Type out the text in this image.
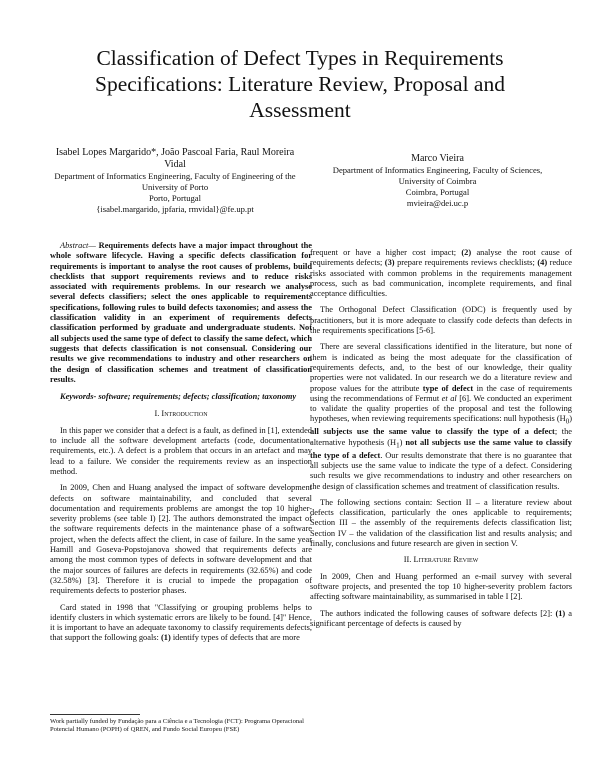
Classification of Defect Types in Requirements Specifications: Literature Review, Proposal and Assessment
Isabel Lopes Margarido*, João Pascoal Faria, Raul Moreira Vidal
Department of Informatics Engineering, Faculty of Engineering of the University of Porto
Porto, Portugal
{isabel.margarido, jpfaria, rmvidal}@fe.up.pt
Marco Vieira
Department of Informatics Engineering, Faculty of Sciences, University of Coimbra
Coimbra, Portugal
mvieira@dei.uc.p

Abstract— Requirements defects have a major impact throughout the whole software lifecycle. Having a specific defects classification for requirements is important to analyse the root causes of problems, build checklists that support requirements reviews and to reduce risks associated with requirements problems. In our research we analyse several defects classifiers; select the ones applicable to requirements specifications, following rules to build defects taxonomies; and assess the classification validity in an experiment of requirements defects classification performed by graduate and undergraduate students. Not all subjects used the same type of defect to classify the same defect, which suggests that defects classification is not consensual. Considering our results we give recommendations to industry and other researchers on the design of classification schemes and treatment of classification results.

Keywords- software; requirements; defects; classification; taxonomy

I. Introduction

In this paper we consider that a defect is a fault, as defined in [1], extended to include all the software development artefacts (code, documentation, requirements, etc.). A defect is a problem that occurs in an artefact and may lead to a failure. We consider the requirements review as an inspection method.

In 2009, Chen and Huang analysed the impact of software development defects on software maintainability, and concluded that several documentation and requirements problems are amongst the top 10 higher-severity problems (see table I) [2]. The authors demonstrated the impact of the software requirements defects in the maintenance phase of a software project, when the defects affect the client, in case of failure. In the same year Hamill and Goseva-Popstojanova showed that requirements defects are among the most common types of defects in software development and that the major sources of failures are defects in requirements (32.65%) and code (32.58%) [3]. Therefore it is crucial to impede the propagation of requirements defects to posterior phases.

Card stated in 1998 that "Classifying or grouping problems helps to identify clusters in which systematic errors are likely to be found. [4]" Hence, it is important to have an adequate taxonomy to classify requirements defects, that support the following goals: (1) identify types of defects that are more

frequent or have a higher cost impact; (2) analyse the root cause of requirements defects; (3) prepare requirements reviews checklists; (4) reduce risks associated with common problems in the requirements management process, such as bad communication, incomplete requirements, and final acceptance difficulties.

The Orthogonal Defect Classification (ODC) is frequently used by practitioners, but it is more adequate to classify code defects than defects in the requirements specifications [5-6].

There are several classifications identified in the literature, but none of them is indicated as being the most adequate for the classification of requirements defects, and, to the best of our knowledge, their quality properties were not validated. In our research we do a literature review and propose values for the attribute type of defect in the case of requirements using the recommendations of Fermut et al [6]. We conducted an experiment to validate the quality properties of the proposal and test the following hypotheses, when reviewing requirements specifications: null hypothesis $(H_0)$ all subjects use the same value to classify the type of a defect; the alternative hypothesis $(H_1)$ not all subjects use the same value to classify the type of a defect. Our results demonstrate that there is no guarantee that all subjects use the same value to indicate the type of a defect. Considering such results we give recommendations to industry and other researchers on the design of classification schemes and treatment of classification results.

The following sections contain: Section II – a literature review about defects classification, particularly the ones applicable to requirements; Section III – the assembly of the requirements defects classification list; Section IV – the validation of the classification list and results analysis; and finally, conclusions and future research are given in section V.

II. Literature Review

In 2009, Chen and Huang performed an e-mail survey with several software projects, and presented the top 10 higher-severity problem factors affecting software maintainability, as summarised in table I [2].

The authors indicated the following causes of software defects [2]: (1) a significant percentage of defects is caused by

Work partially funded by Fundação para a Ciência e a Tecnologia (FCT): Programa Operacional Potencial Humano (POPH) of QREN, and Fundo Social Europeu (FSE)
